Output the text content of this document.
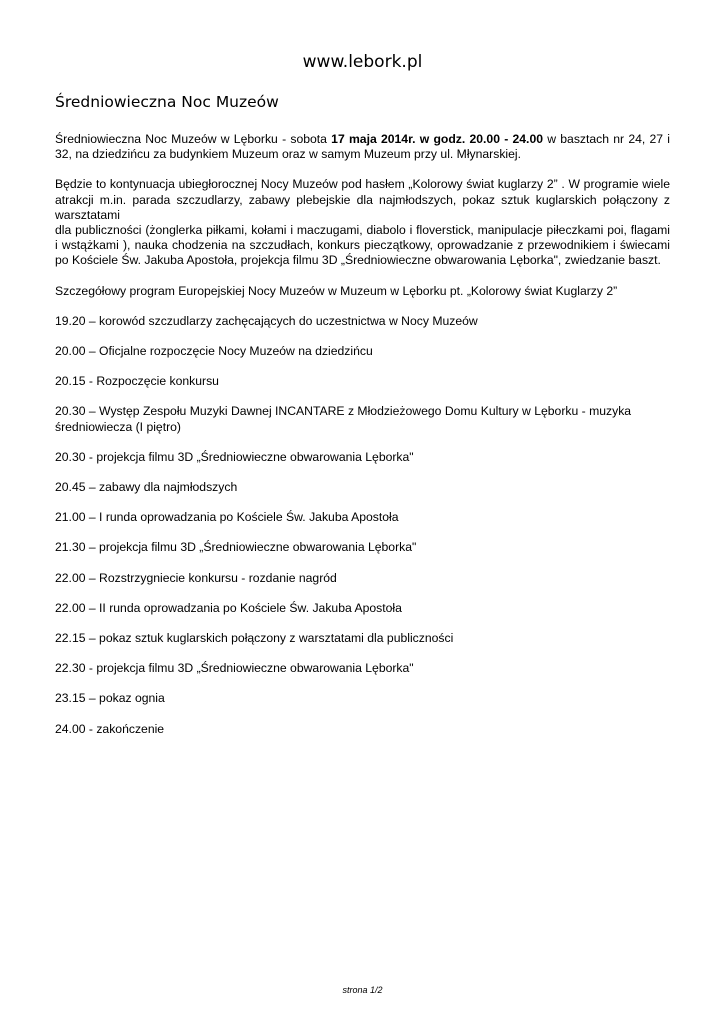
www.lebork.pl
Średniowieczna Noc Muzeów

Średniowieczna Noc Muzeów w Lęborku - sobota 17 maja 2014r. w godz. 20.00 - 24.00 w basztach nr 24, 27 i 32, na dziedzińcu za budynkiem Muzeum oraz w samym Muzeum przy ul. Młynarskiej.

Będzie to kontynuacja ubiegłorocznej Nocy Muzeów pod hasłem „Kolorowy świat kuglarzy 2” . W programie wiele
atrakcji m.in. parada szczudlarzy, zabawy plebejskie dla najmłodszych, pokaz sztuk kuglarskich połączony z
warsztatami
dla publiczności (żonglerka piłkami, kołami i maczugami, diabolo i floverstick, manipulacje piłeczkami poi, flagami
i wstążkami ), nauka chodzenia na szczudłach, konkurs pieczątkowy, oprowadzanie z przewodnikiem i świecami
po Kościele Św. Jakuba Apostoła, projekcja filmu 3D „Średniowieczne obwarowania Lęborka", zwiedzanie baszt.

Szczegółowy program Europejskiej Nocy Muzeów w Muzeum w Lęborku pt. „Kolorowy świat Kuglarzy 2”

19.20 – korowód szczudlarzy zachęcających do uczestnictwa w Nocy Muzeów

20.00 – Oficjalne rozpoczęcie Nocy Muzeów na dziedzińcu

20.15 - Rozpoczęcie konkursu

20.30 – Występ Zespołu Muzyki Dawnej INCANTARE z Młodzieżowego Domu Kultury w Lęborku - muzyka średniowiecza (I piętro)

20.30 - projekcja filmu 3D „Średniowieczne obwarowania Lęborka"

20.45 – zabawy dla najmłodszych

21.00 – I runda oprowadzania po Kościele Św. Jakuba Apostoła

21.30 – projekcja filmu 3D „Średniowieczne obwarowania Lęborka"

22.00 – Rozstrzygniecie konkursu - rozdanie nagród

22.00 – II runda oprowadzania po Kościele Św. Jakuba Apostoła

22.15 – pokaz sztuk kuglarskich połączony z warsztatami dla publiczności

22.30 - projekcja filmu 3D „Średniowieczne obwarowania Lęborka"

23.15 – pokaz ognia

24.00 - zakończenie

strona 1/2
